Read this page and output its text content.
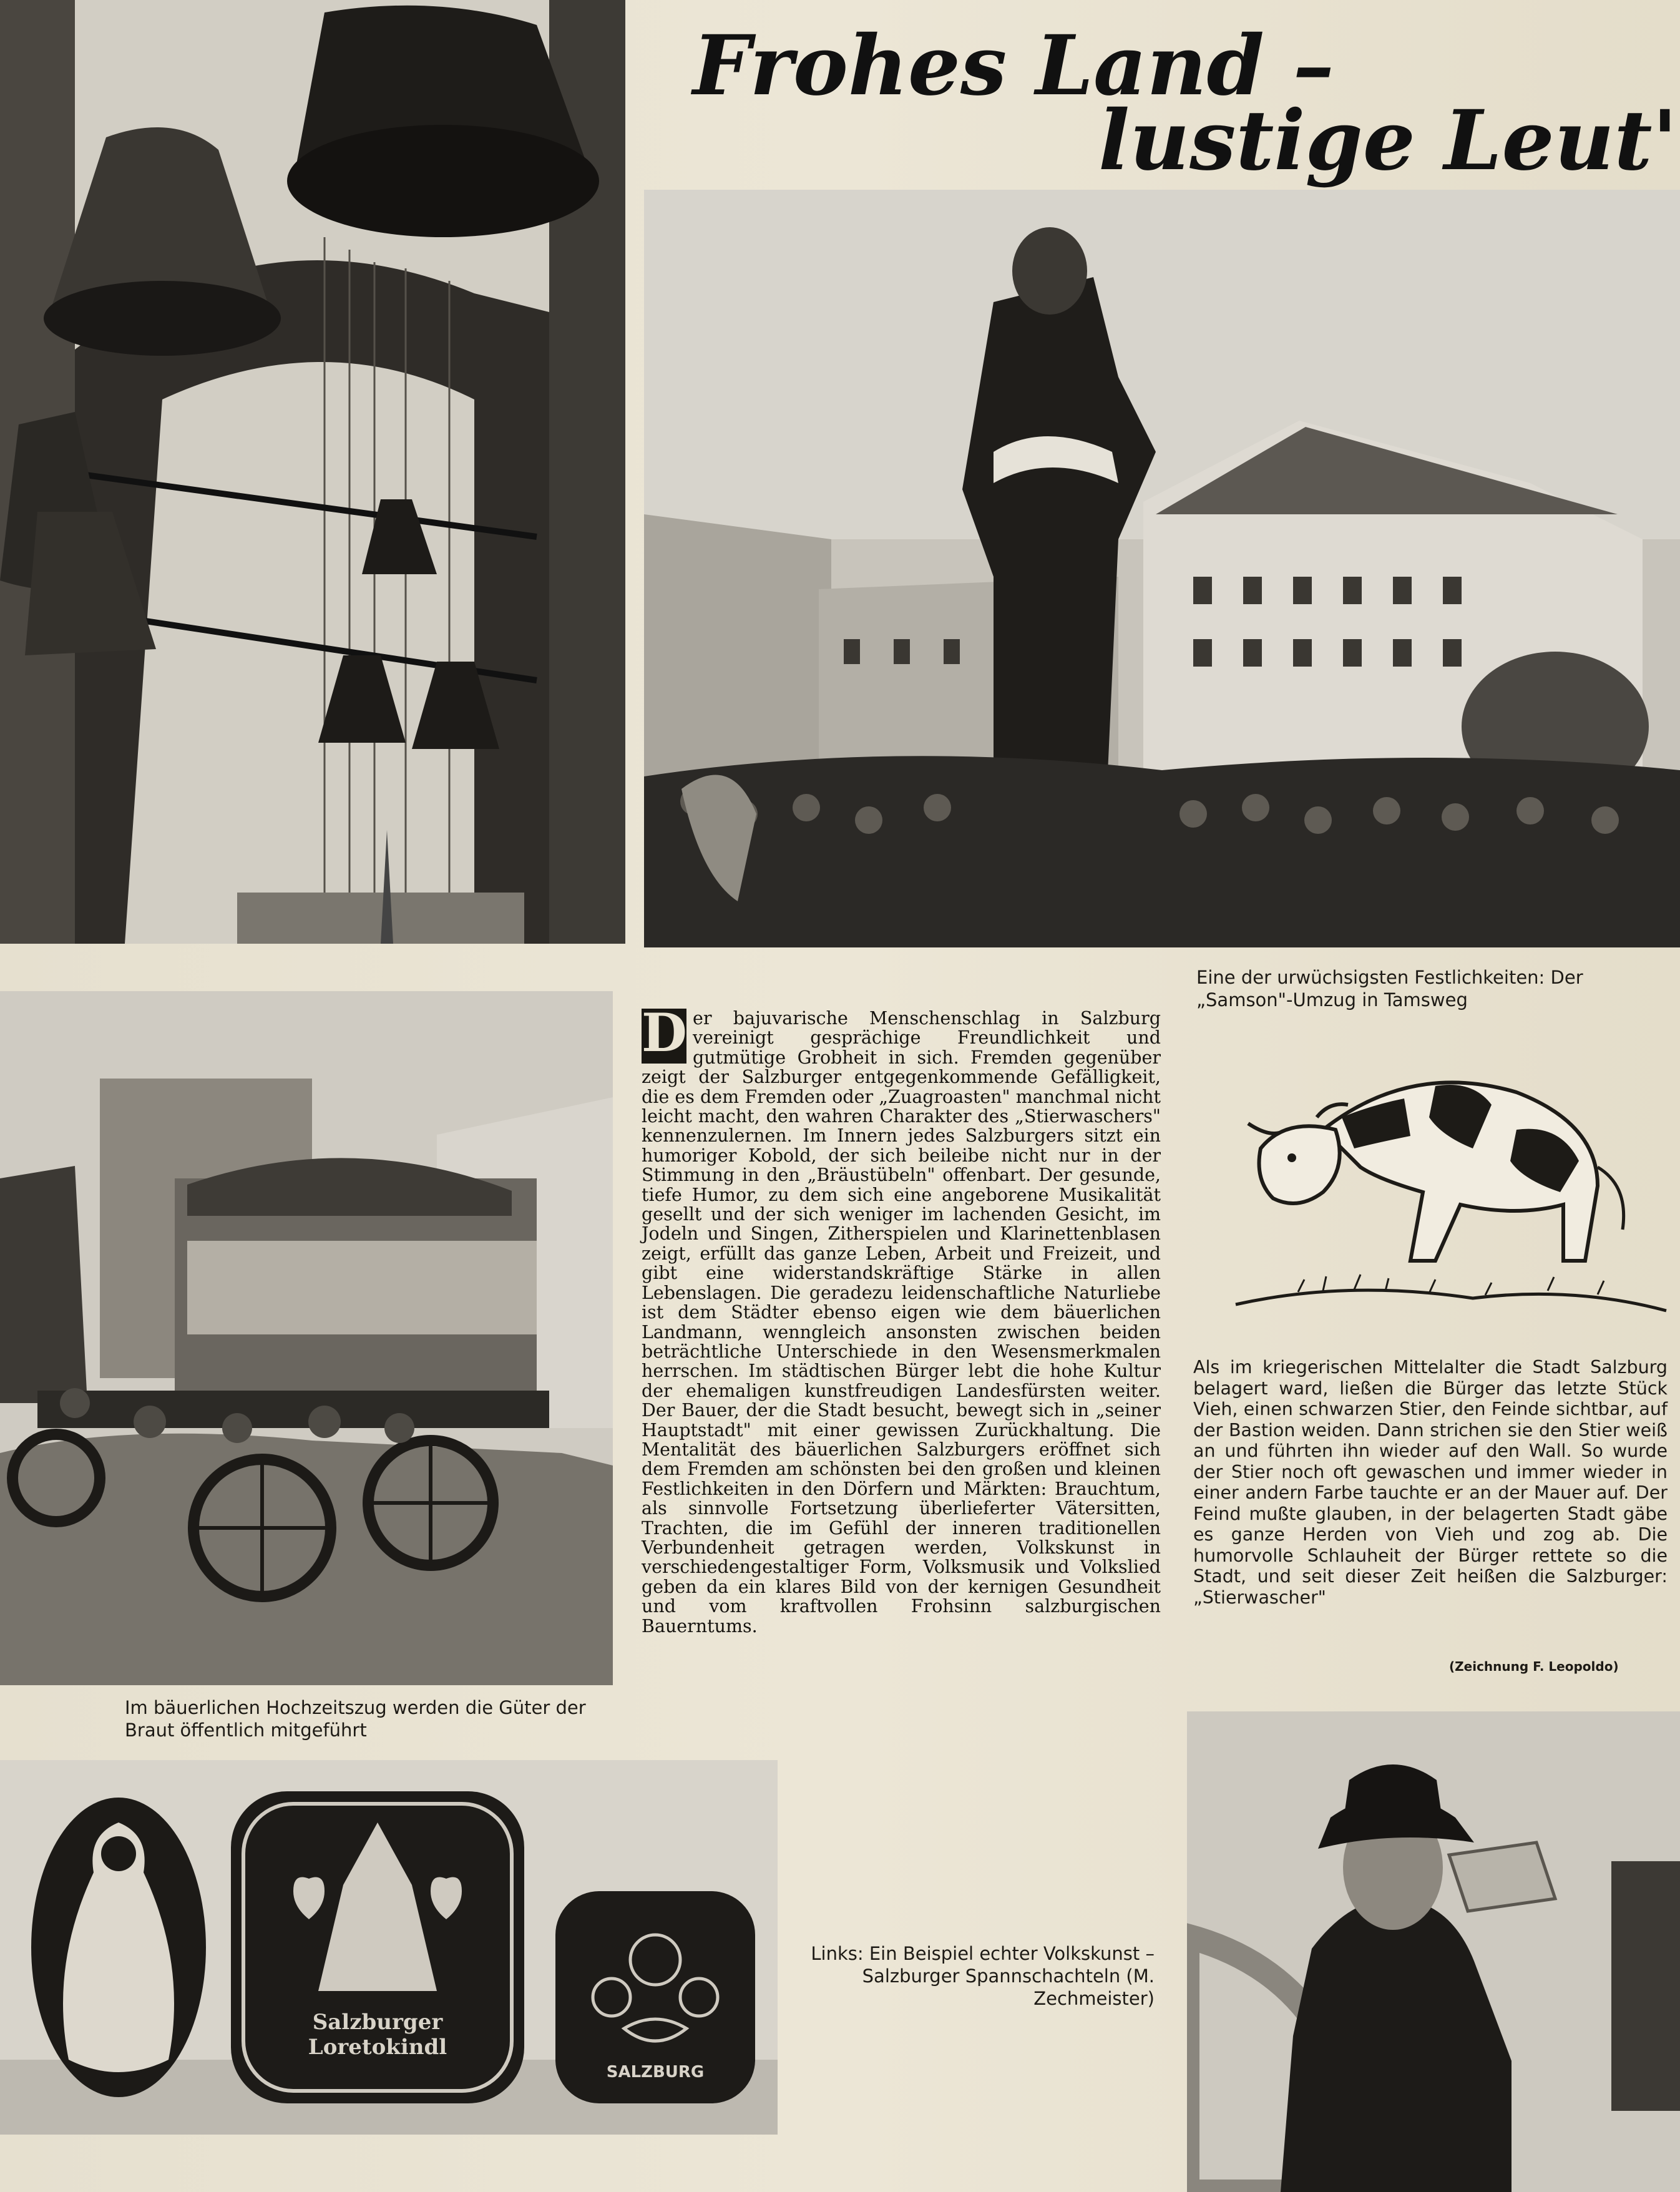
Frohes Land –
lustige Leut'
Eine der urwüchsigsten Festlichkeiten: Der „Samson"-Umzug in Tamsweg
Im bäuerlichen Hochzeitszug werden die Güter der Braut öffentlich mitgeführt
Salzburger Loretokindl
SALZBURG
Links: Ein Beispiel echter Volkskunst – Salzburger Spannschachteln (M. Zechmeister)
D er bajuvarische Menschenschlag in Salzburg vereinigt gesprächige Freundlichkeit und gutmütige Grobheit in sich. Fremden gegenüber zeigt der Salzburger entgegenkommende Gefälligkeit, die es dem Fremden oder „Zuagroasten" manchmal nicht leicht macht, den wahren Charakter des „Stierwaschers" kennenzulernen. Im Innern jedes Salzburgers sitzt ein humoriger Kobold, der sich beileibe nicht nur in der Stimmung in den „Bräustübeln" offenbart. Der gesunde, tiefe Humor, zu dem sich eine angeborene Musikalität gesellt und der sich weniger im lachenden Gesicht, im Jodeln und Singen, Zitherspielen und Klarinettenblasen zeigt, erfüllt das ganze Leben, Arbeit und Freizeit, und gibt eine widerstandskräftige Stärke in allen Lebenslagen. Die geradezu leidenschaftliche Naturliebe ist dem Städter ebenso eigen wie dem bäuerlichen Landmann, wenngleich ansonsten zwischen beiden beträchtliche Unterschiede in den Wesensmerkmalen herrschen. Im städtischen Bürger lebt die hohe Kultur der ehemaligen kunstfreudigen Landesfürsten weiter. Der Bauer, der die Stadt besucht, bewegt sich in „seiner Hauptstadt" mit einer gewissen Zurückhaltung. Die Mentalität des bäuerlichen Salzburgers eröffnet sich dem Fremden am schönsten bei den großen und kleinen Festlichkeiten in den Dörfern und Märkten: Brauchtum, als sinnvolle Fortsetzung überlieferter Vätersitten, Trachten, die im Gefühl der inneren traditionellen Verbundenheit getragen werden, Volkskunst in verschiedengestaltiger Form, Volksmusik und Volkslied geben da ein klares Bild von der kernigen Gesundheit und vom kraftvollen Frohsinn salzburgischen Bauerntums.
Als im kriegerischen Mittelalter die Stadt Salzburg belagert ward, ließen die Bürger das letzte Stück Vieh, einen schwarzen Stier, den Feinde sichtbar, auf der Bastion weiden. Dann strichen sie den Stier weiß an und führten ihn wieder auf den Wall. So wurde der Stier noch oft gewaschen und immer wieder in einer andern Farbe tauchte er an der Mauer auf. Der Feind mußte glauben, in der belagerten Stadt gäbe es ganze Herden von Vieh und zog ab. Die humorvolle Schlauheit der Bürger rettete so die Stadt, und seit dieser Zeit heißen die Salzburger: „Stierwascher"
(Zeichnung F. Leopoldo)
